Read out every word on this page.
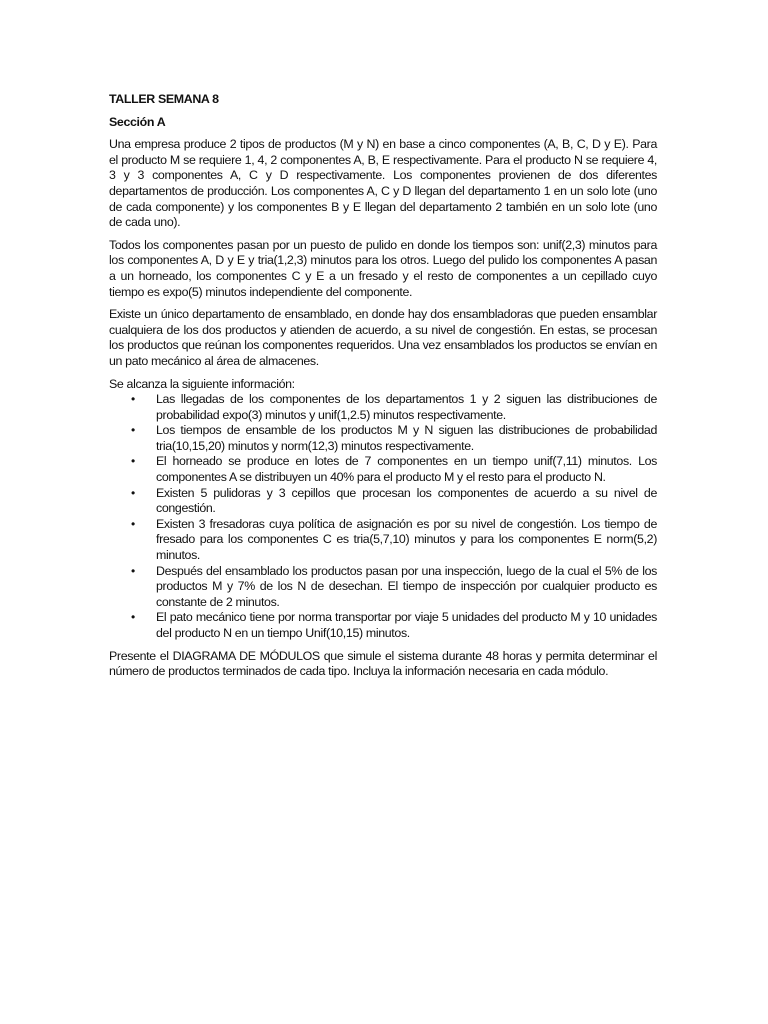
TALLER SEMANA 8

Sección A

Una empresa produce 2 tipos de productos (M y N) en base a cinco componentes (A, B, C, D y E). Para el producto M se requiere 1, 4, 2 componentes A, B, E respectivamente. Para el producto N se requiere 4, 3 y 3 componentes A, C y D respectivamente. Los componentes provienen de dos diferentes departamentos de producción. Los componentes A, C y D llegan del departamento 1 en un solo lote (uno de cada componente) y los componentes B y E llegan del departamento 2 también en un solo lote (uno de cada uno).

Todos los componentes pasan por un puesto de pulido en donde los tiempos son: unif(2,3) minutos para los componentes A, D y E y tria(1,2,3) minutos para los otros. Luego del pulido los componentes A pasan a un horneado, los componentes C y E a un fresado y el resto de componentes a un cepillado cuyo tiempo es expo(5) minutos independiente del componente.

Existe un único departamento de ensamblado, en donde hay dos ensambladoras que pueden ensamblar cualquiera de los dos productos y atienden de acuerdo, a su nivel de congestión. En estas, se procesan los productos que reúnan los componentes requeridos. Una vez ensamblados los productos se envían en un pato mecánico al área de almacenes.

Se alcanza la siguiente información:

• Las llegadas de los componentes de los departamentos 1 y 2 siguen las distribuciones de probabilidad expo(3) minutos y unif(1,2.5) minutos respectivamente.
• Los tiempos de ensamble de los productos M y N siguen las distribuciones de probabilidad tria(10,15,20) minutos y norm(12,3) minutos respectivamente.
• El horneado se produce en lotes de 7 componentes en un tiempo unif(7,11) minutos. Los componentes A se distribuyen un 40% para el producto M y el resto para el producto N.
• Existen 5 pulidoras y 3 cepillos que procesan los componentes de acuerdo a su nivel de congestión.
• Existen 3 fresadoras cuya política de asignación es por su nivel de congestión. Los tiempo de fresado para los componentes C es tria(5,7,10) minutos y para los componentes E norm(5,2) minutos.
• Después del ensamblado los productos pasan por una inspección, luego de la cual el 5% de los productos M y 7% de los N de desechan. El tiempo de inspección por cualquier producto es constante de 2 minutos.
• El pato mecánico tiene por norma transportar por viaje 5 unidades del producto M y 10 unidades del producto N en un tiempo Unif(10,15) minutos.

Presente el DIAGRAMA DE MÓDULOS que simule el sistema durante 48 horas y permita determinar el número de productos terminados de cada tipo. Incluya la información necesaria en cada módulo.
